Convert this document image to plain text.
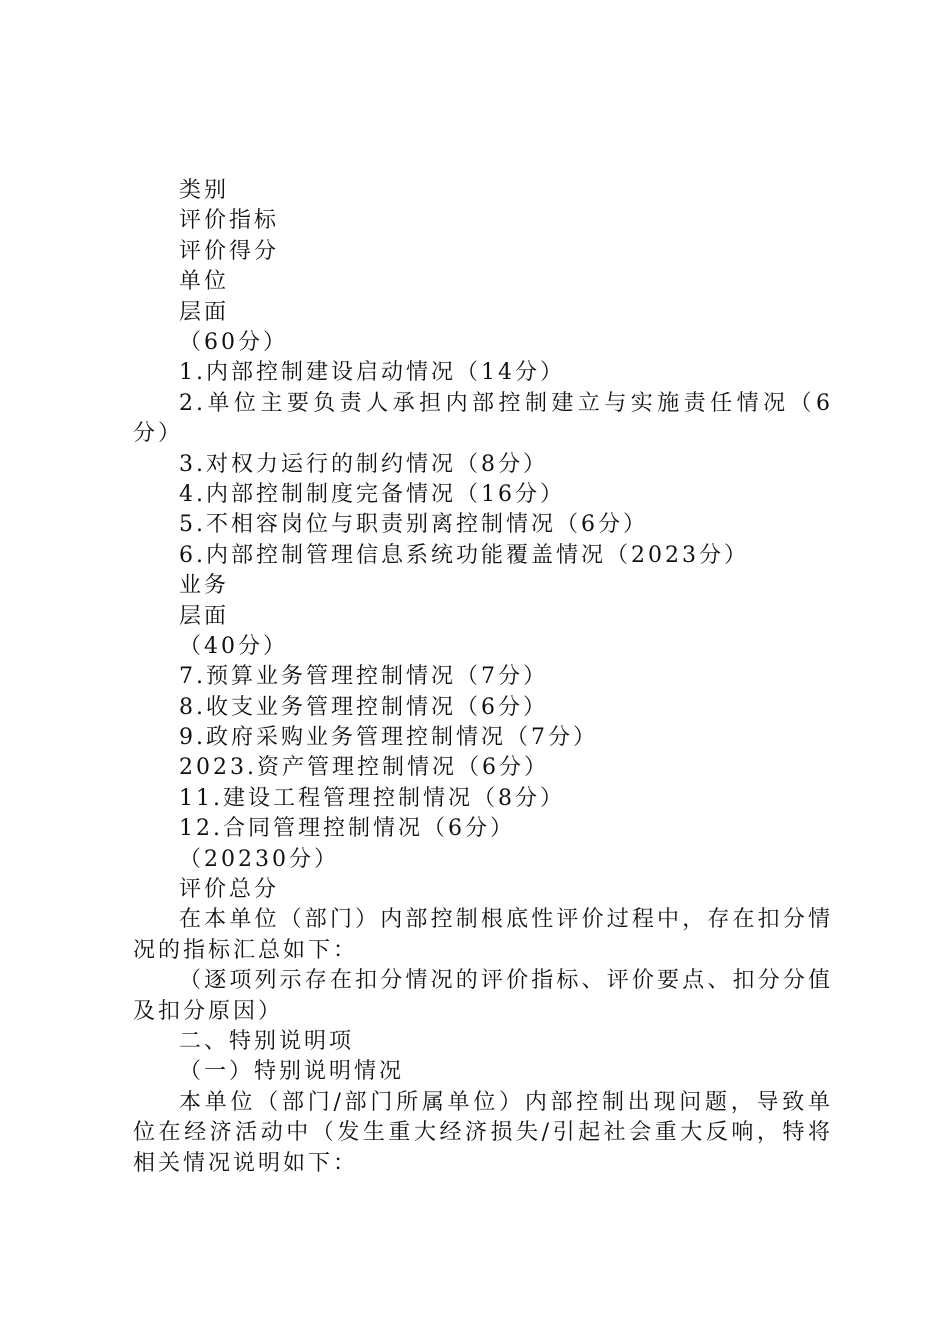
类别
评价指标
评价得分
单位
层面
（60分）
1.内部控制建设启动情况（14分）
2.单位主要负责人承担内部控制建立与实施责任情况（6分）
3.对权力运行的制约情况（8分）
4.内部控制制度完备情况（16分）
5.不相容岗位与职责别离控制情况（6分）
6.内部控制管理信息系统功能覆盖情况（2023分）
业务
层面
（40分）
7.预算业务管理控制情况（7分）
8.收支业务管理控制情况（6分）
9.政府采购业务管理控制情况（7分）
2023.资产管理控制情况（6分）
11.建设工程管理控制情况（8分）
12.合同管理控制情况（6分）
（20230分）
评价总分
在本单位（部门）内部控制根底性评价过程中，存在扣分情况的指标汇总如下：
（逐项列示存在扣分情况的评价指标、评价要点、扣分分值及扣分原因）
二、特别说明项
（一）特别说明情况
本单位（部门/部门所属单位）内部控制出现问题，导致单位在经济活动中（发生重大经济损失/引起社会重大反响，特将相关情况说明如下：
